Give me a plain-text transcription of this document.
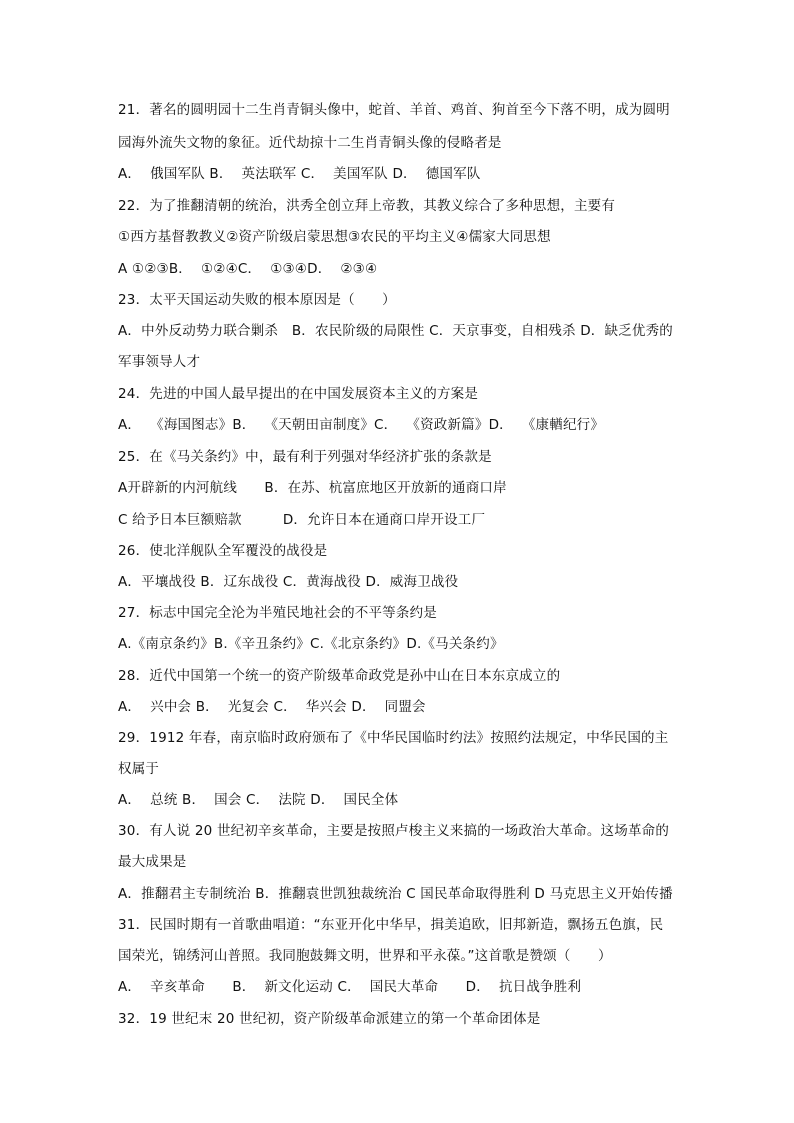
21．著名的圆明园十二生肖青铜头像中，蛇首、羊首、鸡首、狗首至今下落不明，成为圆明
园海外流失文物的象征。近代劫掠十二生肖青铜头像的侵略者是
A．  俄国军队 B．  英法联军 C．  美国军队 D．  德国军队
22．为了推翻清朝的统治，洪秀全创立拜上帝教，其教义综合了多种思想，主要有
①西方基督教教义②资产阶级启蒙思想③农民的平均主义④儒家大同思想
A ①②③B．  ①②④C．  ①③④D．  ②③④
23．太平天国运动失败的根本原因是（　　）
A．中外反动势力联合剿杀　B．农民阶级的局限性 C．天京事变，自相残杀 D．缺乏优秀的
军事领导人才
24．先进的中国人最早提出的在中国发展资本主义的方案是
A．  《海国图志》B．  《天朝田亩制度》C．  《资政新篇》D．  《康輶纪行》
25．在《马关条约》中，最有利于列强对华经济扩张的条款是
A开辟新的内河航线　　B．在苏、杭富庶地区开放新的通商口岸
C 给予日本巨额赔款　　　D．允许日本在通商口岸开设工厂
26．使北洋舰队全军覆没的战役是
A．平壤战役 B．辽东战役 C．黄海战役 D．威海卫战役
27．标志中国完全沦为半殖民地社会的不平等条约是
A.《南京条约》B.《辛丑条约》C.《北京条约》D.《马关条约》
28．近代中国第一个统一的资产阶级革命政党是孙中山在日本东京成立的
A．  兴中会 B．  光复会 C．  华兴会 D．  同盟会
29．1912 年春，南京临时政府颁布了《中华民国临时约法》按照约法规定，中华民国的主
权属于
A．  总统 B．  国会 C．  法院 D．  国民全体
30．有人说 20 世纪初辛亥革命，主要是按照卢梭主义来搞的一场政治大革命。这场革命的
最大成果是
A．推翻君主专制统治 B．推翻袁世凯独裁统治 C 国民革命取得胜利 D 马克思主义开始传播
31．民国时期有一首歌曲唱道：“东亚开化中华早，揖美追欧，旧邦新造，飘扬五色旗，民
国荣光，锦绣河山普照。我同胞鼓舞文明，世界和平永葆。”这首歌是赞颂（　　）
A．  辛亥革命　　B．  新文化运动 C．  国民大革命　　D．  抗日战争胜利
32．19 世纪末 20 世纪初，资产阶级革命派建立的第一个革命团体是
